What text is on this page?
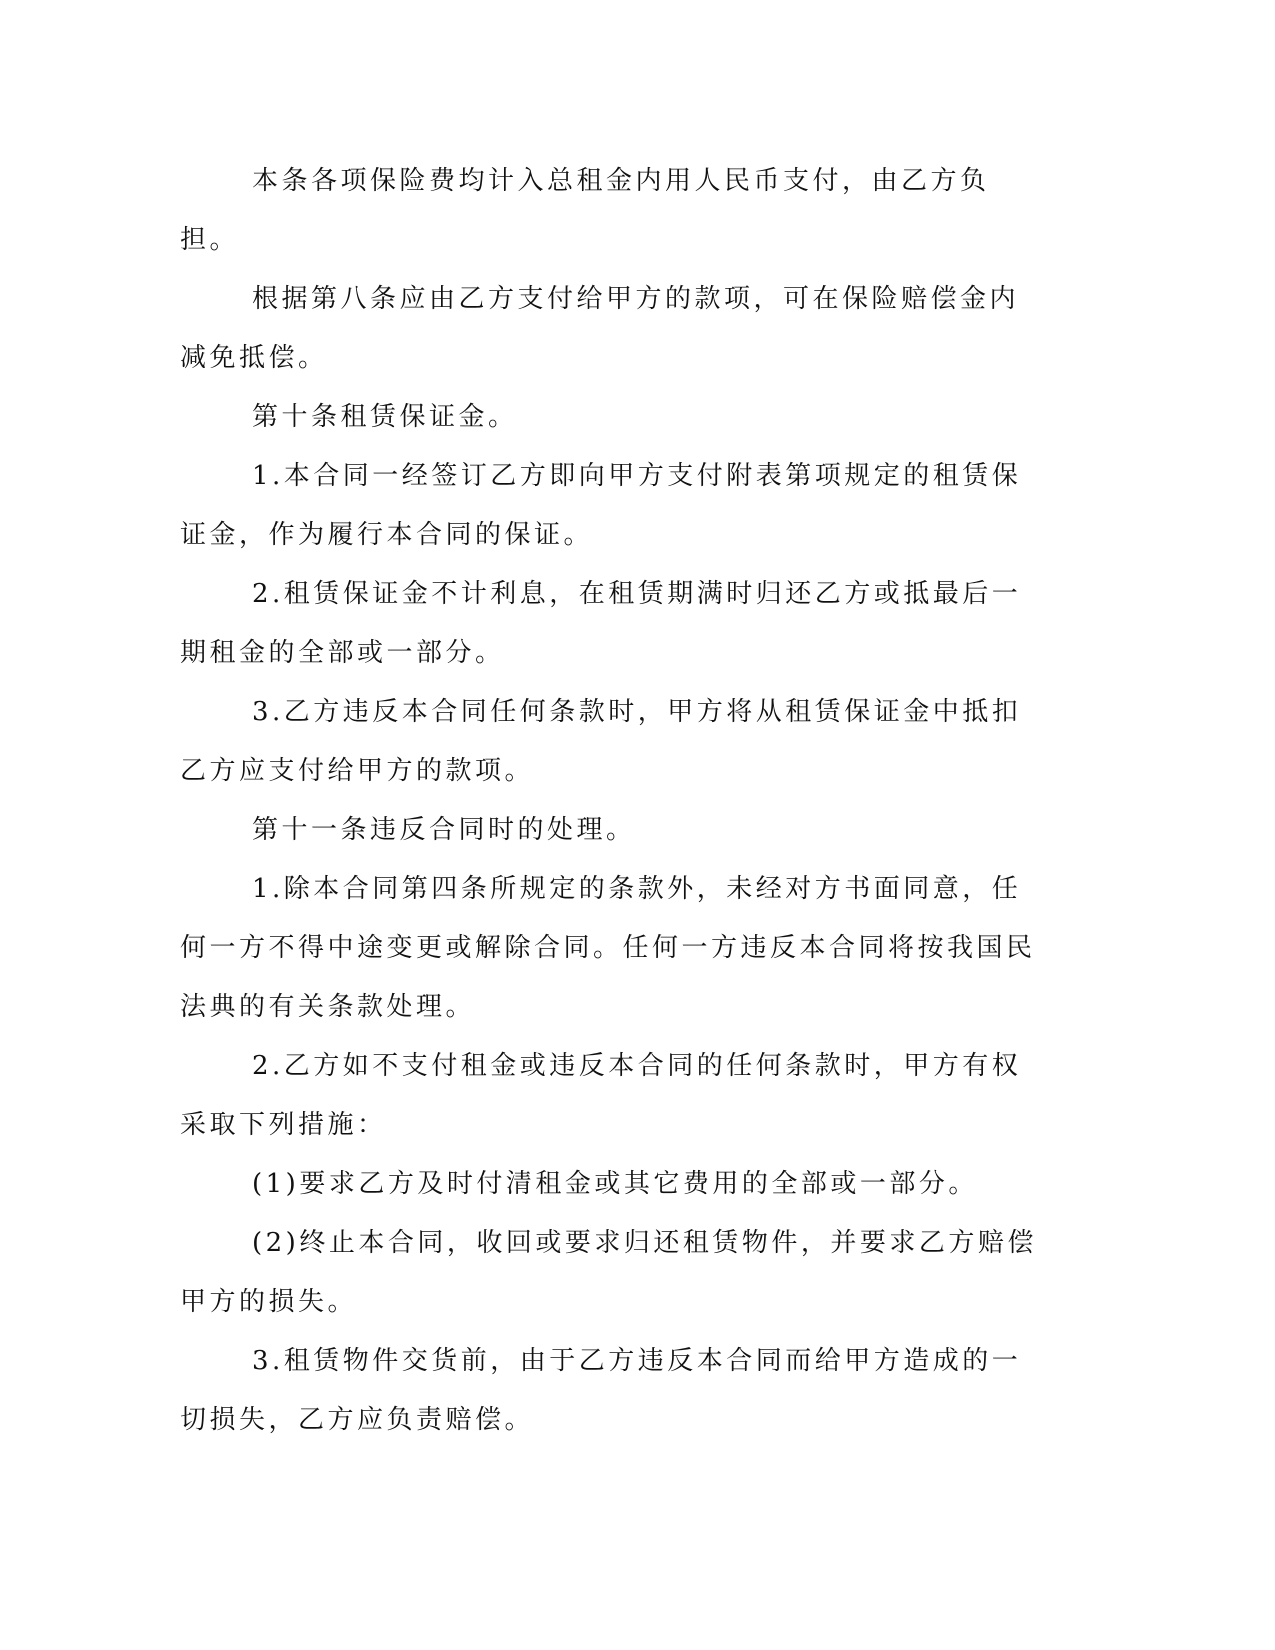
本条各项保险费均计入总租金内用人民币支付，由乙方负担。

根据第八条应由乙方支付给甲方的款项，可在保险赔偿金内减免抵偿。

第十条租赁保证金。

1.本合同一经签订乙方即向甲方支付附表第项规定的租赁保证金，作为履行本合同的保证。

2.租赁保证金不计利息，在租赁期满时归还乙方或抵最后一期租金的全部或一部分。

3.乙方违反本合同任何条款时，甲方将从租赁保证金中抵扣乙方应支付给甲方的款项。

第十一条违反合同时的处理。

1.除本合同第四条所规定的条款外，未经对方书面同意，任何一方不得中途变更或解除合同。任何一方违反本合同将按我国民法典的有关条款处理。

2.乙方如不支付租金或违反本合同的任何条款时，甲方有权采取下列措施：

(1)要求乙方及时付清租金或其它费用的全部或一部分。

(2)终止本合同，收回或要求归还租赁物件，并要求乙方赔偿甲方的损失。

3.租赁物件交货前，由于乙方违反本合同而给甲方造成的一切损失，乙方应负责赔偿。
